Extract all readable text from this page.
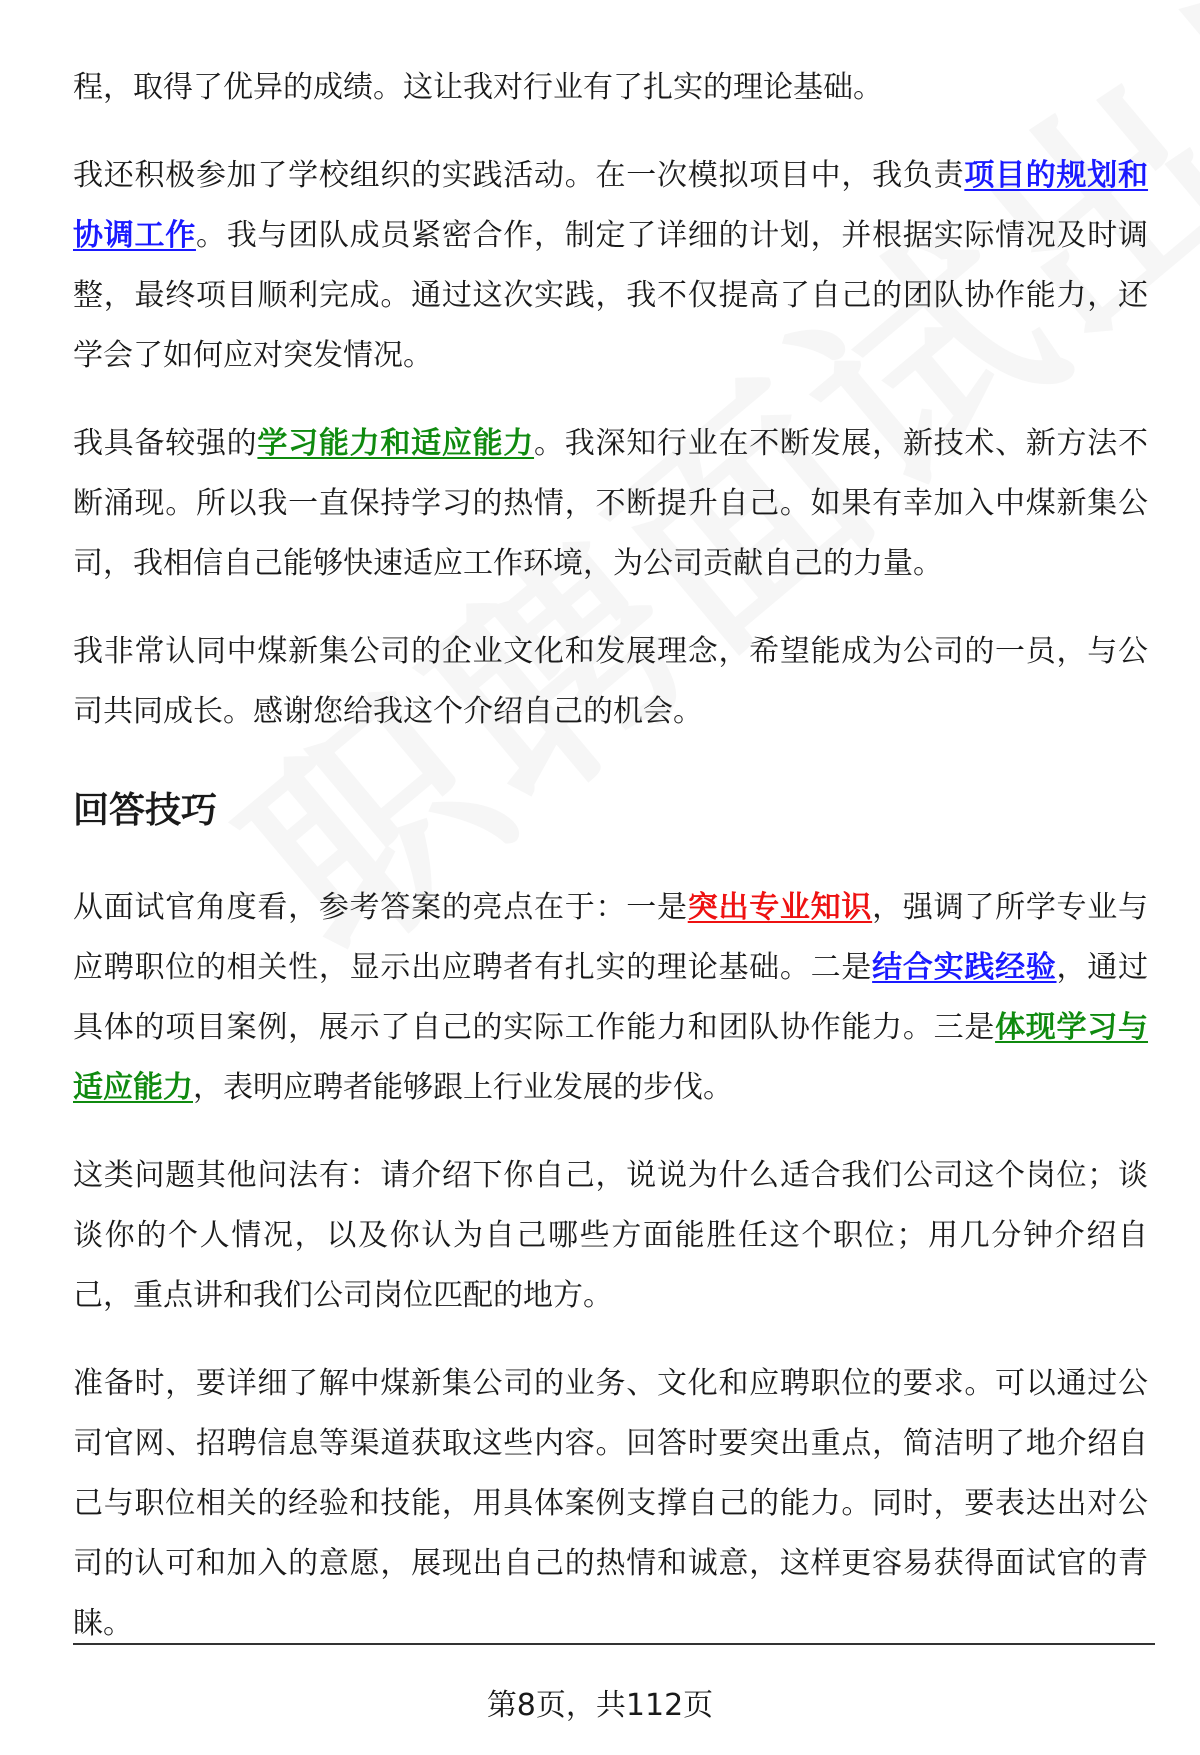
程，取得了优异的成绩。这让我对行业有了扎实的理论基础。

我还积极参加了学校组织的实践活动。在一次模拟项目中，我负责项目的规划和协调工作。我与团队成员紧密合作，制定了详细的计划，并根据实际情况及时调整，最终项目顺利完成。通过这次实践，我不仅提高了自己的团队协作能力，还学会了如何应对突发情况。

我具备较强的学习能力和适应能力。我深知行业在不断发展，新技术、新方法不断涌现。所以我一直保持学习的热情，不断提升自己。如果有幸加入中煤新集公司，我相信自己能够快速适应工作环境，为公司贡献自己的力量。

我非常认同中煤新集公司的企业文化和发展理念，希望能成为公司的一员，与公司共同成长。感谢您给我这个介绍自己的机会。

回答技巧

从面试官角度看，参考答案的亮点在于：一是突出专业知识，强调了所学专业与应聘职位的相关性，显示出应聘者有扎实的理论基础。二是结合实践经验，通过具体的项目案例，展示了自己的实际工作能力和团队协作能力。三是体现学习与适应能力，表明应聘者能够跟上行业发展的步伐。

这类问题其他问法有：请介绍下你自己，说说为什么适合我们公司这个岗位；谈谈你的个人情况，以及你认为自己哪些方面能胜任这个职位；用几分钟介绍自己，重点讲和我们公司岗位匹配的地方。

准备时，要详细了解中煤新集公司的业务、文化和应聘职位的要求。可以通过公司官网、招聘信息等渠道获取这些内容。回答时要突出重点，简洁明了地介绍自己与职位相关的经验和技能，用具体案例支撑自己的能力。同时，要表达出对公司的认可和加入的意愿，展现出自己的热情和诚意，这样更容易获得面试官的青睐。

第8页，共112页
